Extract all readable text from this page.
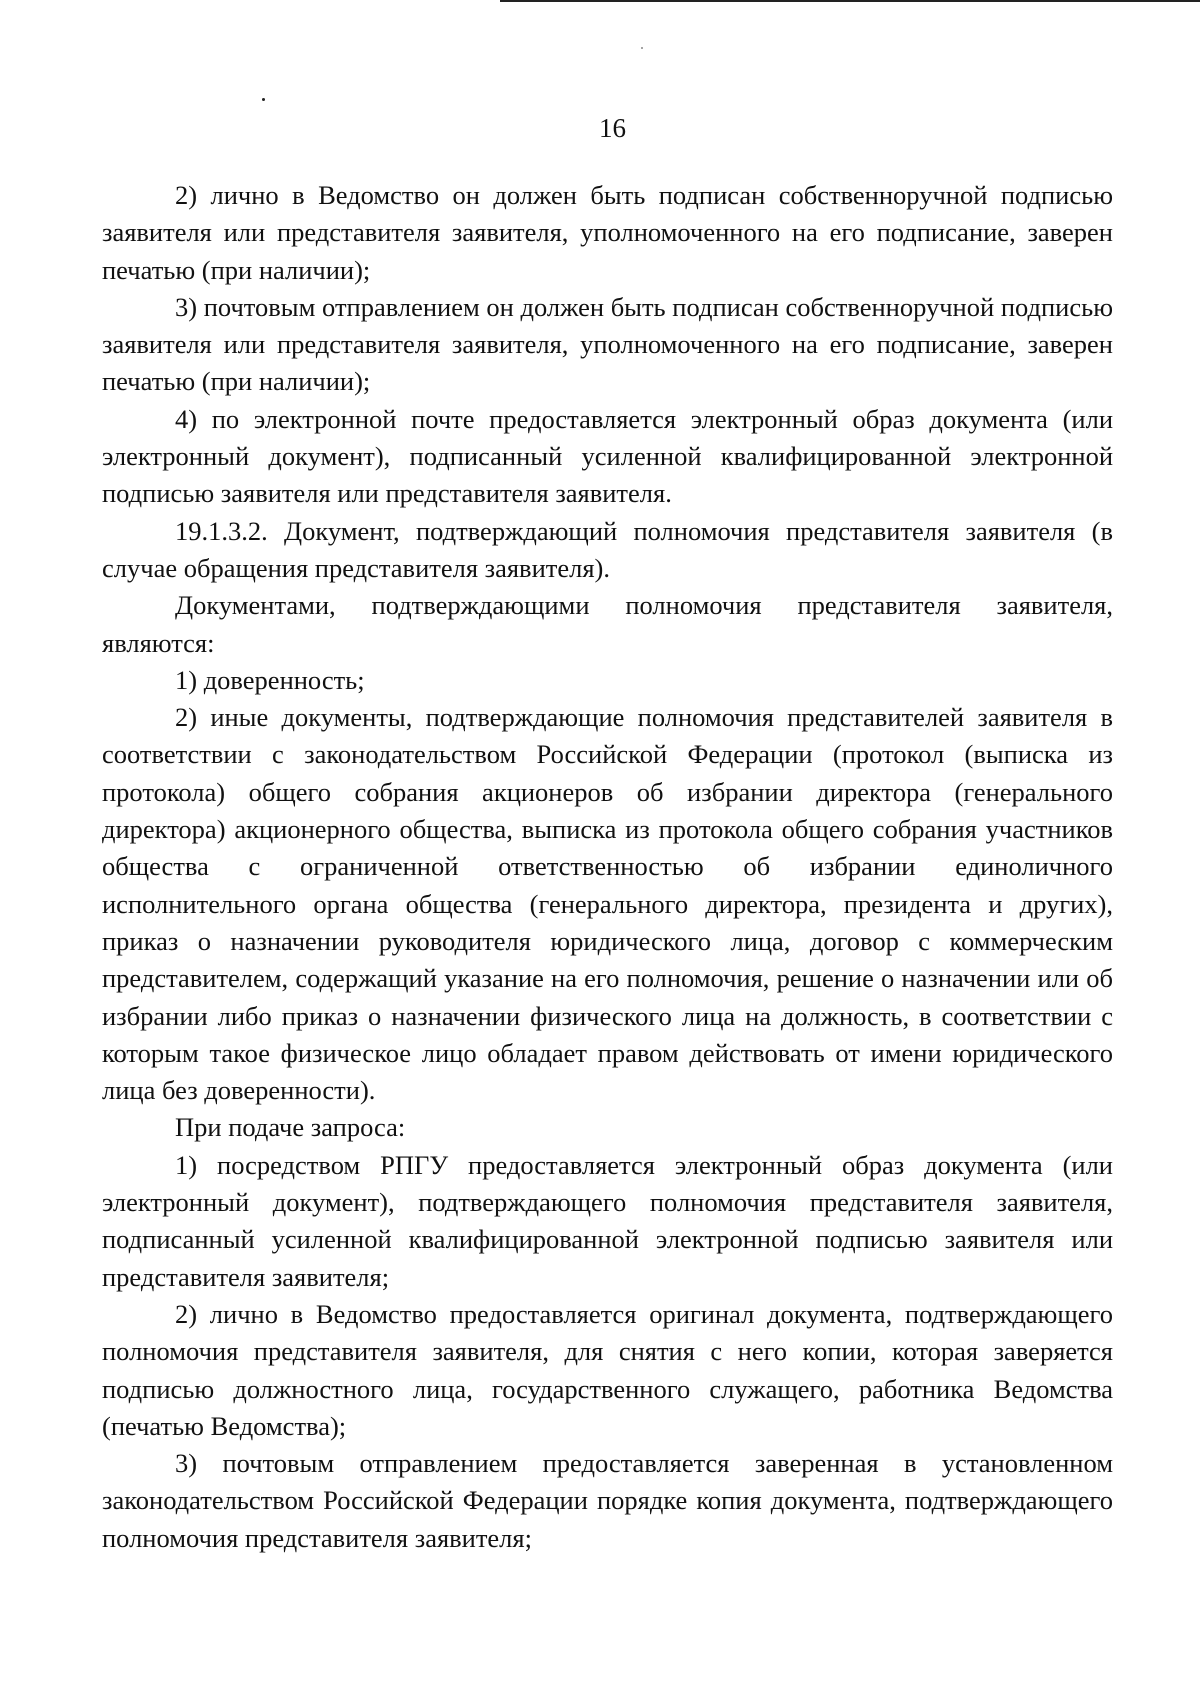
16

2) лично в Ведомство он должен быть подписан собственноручной подписью заявителя или представителя заявителя, уполномоченного на его подписание, заверен печатью (при наличии);

3) почтовым отправлением он должен быть подписан собственноручной подписью заявителя или представителя заявителя, уполномоченного на его подписание, заверен печатью (при наличии);

4) по электронной почте предоставляется электронный образ документа (или электронный документ), подписанный усиленной квалифицированной электронной подписью заявителя или представителя заявителя.

19.1.3.2. Документ, подтверждающий полномочия представителя заявителя (в случае обращения представителя заявителя).

Документами, подтверждающими полномочия представителя заявителя, являются:

1) доверенность;

2) иные документы, подтверждающие полномочия представителей заявителя в соответствии с законодательством Российской Федерации (протокол (выписка из протокола) общего собрания акционеров об избрании директора (генерального директора) акционерного общества, выписка из протокола общего собрания участников общества с ограниченной ответственностью об избрании единоличного исполнительного органа общества (генерального директора, президента и других), приказ о назначении руководителя юридического лица, договор с коммерческим представителем, содержащий указание на его полномочия, решение о назначении или об избрании либо приказ о назначении физического лица на должность, в соответствии с которым такое физическое лицо обладает правом действовать от имени юридического лица без доверенности).

При подаче запроса:

1) посредством РПГУ предоставляется электронный образ документа (или электронный документ), подтверждающего полномочия представителя заявителя, подписанный усиленной квалифицированной электронной подписью заявителя или представителя заявителя;

2) лично в Ведомство предоставляется оригинал документа, подтверждающего полномочия представителя заявителя, для снятия с него копии, которая заверяется подписью должностного лица, государственного служащего, работника Ведомства (печатью Ведомства);

3) почтовым отправлением предоставляется заверенная в установленном законодательством Российской Федерации порядке копия документа, подтверждающего полномочия представителя заявителя;
